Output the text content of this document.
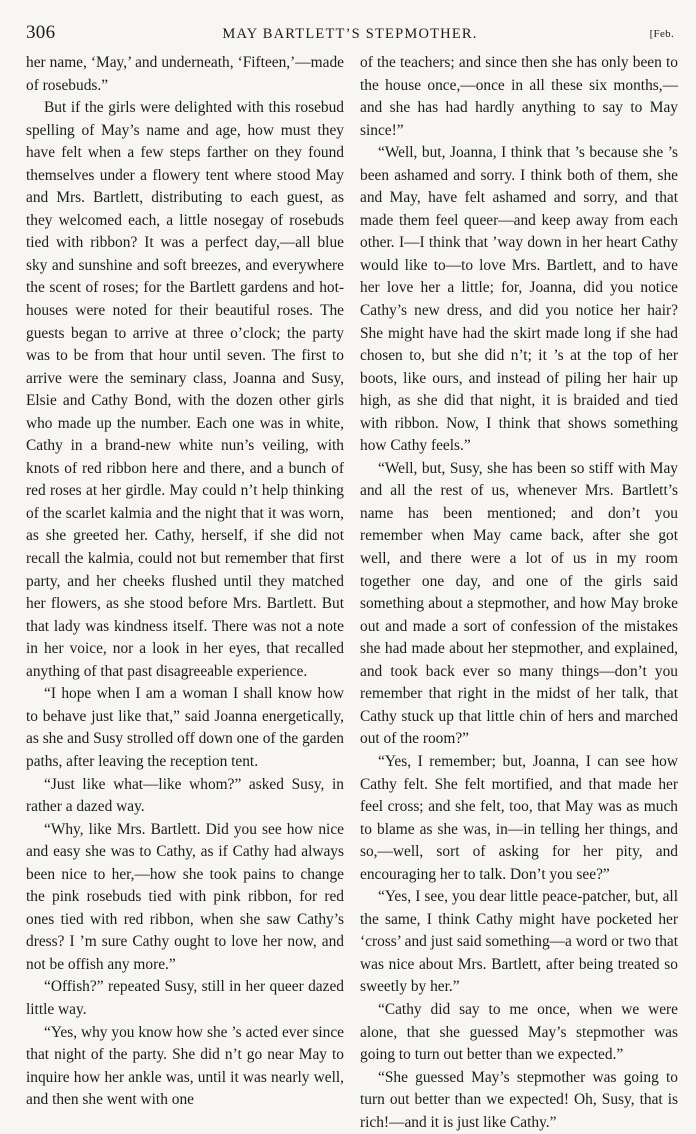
306	MAY BARTLETT’S STEPMOTHER.	[Feb.

her name, ‘May,’ and underneath, ‘Fifteen,’—made of rosebuds.”

But if the girls were delighted with this rosebud spelling of May’s name and age, how must they have felt when a few steps farther on they found themselves under a flowery tent where stood May and Mrs. Bartlett, distributing to each guest, as they welcomed each, a little nosegay of rosebuds tied with ribbon? It was a perfect day,—all blue sky and sunshine and soft breezes, and everywhere the scent of roses; for the Bartlett gardens and hot-houses were noted for their beautiful roses. The guests began to arrive at three o’clock; the party was to be from that hour until seven. The first to arrive were the seminary class, Joanna and Susy, Elsie and Cathy Bond, with the dozen other girls who made up the number. Each one was in white, Cathy in a brand-new white nun’s veiling, with knots of red ribbon here and there, and a bunch of red roses at her girdle. May could n’t help thinking of the scarlet kalmia and the night that it was worn, as she greeted her. Cathy, herself, if she did not recall the kalmia, could not but remember that first party, and her cheeks flushed until they matched her flowers, as she stood before Mrs. Bartlett. But that lady was kindness itself. There was not a note in her voice, nor a look in her eyes, that recalled anything of that past disagreeable experience.

“I hope when I am a woman I shall know how to behave just like that,” said Joanna energetically, as she and Susy strolled off down one of the garden paths, after leaving the reception tent.

“Just like what—like whom?” asked Susy, in rather a dazed way.

“Why, like Mrs. Bartlett. Did you see how nice and easy she was to Cathy, as if Cathy had always been nice to her,—how she took pains to change the pink rosebuds tied with pink ribbon, for red ones tied with red ribbon, when she saw Cathy’s dress? I ’m sure Cathy ought to love her now, and not be offish any more.”

“Offish?” repeated Susy, still in her queer dazed little way.

“Yes, why you know how she ’s acted ever since that night of the party. She did n’t go near May to inquire how her ankle was, until it was nearly well, and then she went with one

of the teachers; and since then she has only been to the house once,—once in all these six months,—and she has had hardly anything to say to May since!”

“Well, but, Joanna, I think that ’s because she ’s been ashamed and sorry. I think both of them, she and May, have felt ashamed and sorry, and that made them feel queer—and keep away from each other. I—I think that ’way down in her heart Cathy would like to—to love Mrs. Bartlett, and to have her love her a little; for, Joanna, did you notice Cathy’s new dress, and did you notice her hair? She might have had the skirt made long if she had chosen to, but she did n’t; it ’s at the top of her boots, like ours, and instead of piling her hair up high, as she did that night, it is braided and tied with ribbon. Now, I think that shows something how Cathy feels.”

“Well, but, Susy, she has been so stiff with May and all the rest of us, whenever Mrs. Bartlett’s name has been mentioned; and don’t you remember when May came back, after she got well, and there were a lot of us in my room together one day, and one of the girls said something about a stepmother, and how May broke out and made a sort of confession of the mistakes she had made about her stepmother, and explained, and took back ever so many things—don’t you remember that right in the midst of her talk, that Cathy stuck up that little chin of hers and marched out of the room?”

“Yes, I remember; but, Joanna, I can see how Cathy felt. She felt mortified, and that made her feel cross; and she felt, too, that May was as much to blame as she was, in—in telling her things, and so,—well, sort of asking for her pity, and encouraging her to talk. Don’t you see?”

“Yes, I see, you dear little peace-patcher, but, all the same, I think Cathy might have pocketed her ‘cross’ and just said something—a word or two that was nice about Mrs. Bartlett, after being treated so sweetly by her.”

“Cathy did say to me once, when we were alone, that she guessed May’s stepmother was going to turn out better than we expected.”

“She guessed May’s stepmother was going to turn out better than we expected! Oh, Susy, that is rich!—and it is just like Cathy.”
